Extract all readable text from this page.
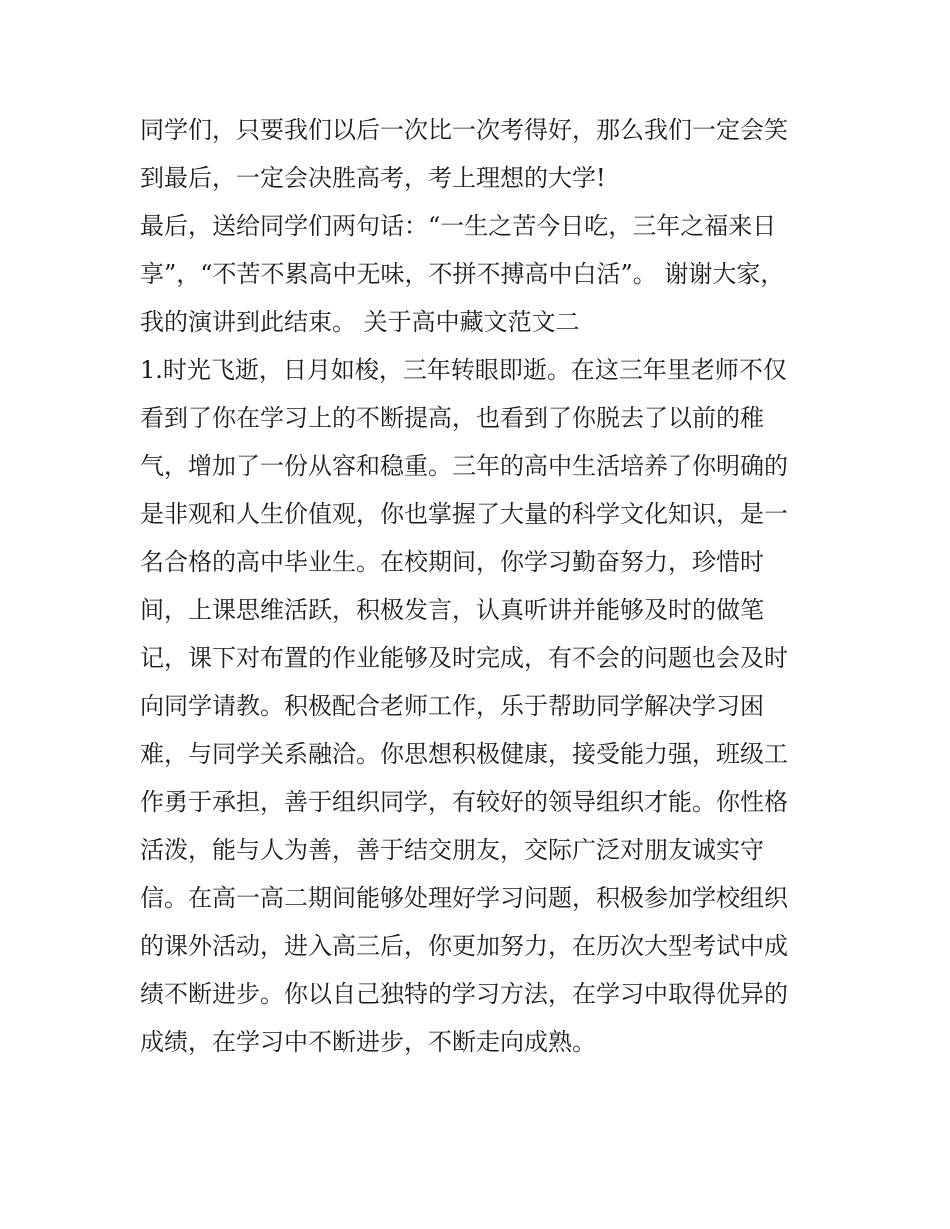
同学们，只要我们以后一次比一次考得好，那么我们一定会笑
到最后，一定会决胜高考，考上理想的大学!
最后，送给同学们两句话：“一生之苦今日吃，三年之福来日
享”，“不苦不累高中无味，不拼不搏高中白活”。 谢谢大家，
我的演讲到此结束。 关于高中藏文范文二
1.时光飞逝，日月如梭，三年转眼即逝。在这三年里老师不仅
看到了你在学习上的不断提高，也看到了你脱去了以前的稚
气，增加了一份从容和稳重。三年的高中生活培养了你明确的
是非观和人生价值观，你也掌握了大量的科学文化知识，是一
名合格的高中毕业生。在校期间，你学习勤奋努力，珍惜时
间，上课思维活跃，积极发言，认真听讲并能够及时的做笔
记，课下对布置的作业能够及时完成，有不会的问题也会及时
向同学请教。积极配合老师工作，乐于帮助同学解决学习困
难，与同学关系融洽。你思想积极健康，接受能力强，班级工
作勇于承担，善于组织同学，有较好的领导组织才能。你性格
活泼，能与人为善，善于结交朋友，交际广泛对朋友诚实守
信。在高一高二期间能够处理好学习问题，积极参加学校组织
的课外活动，进入高三后，你更加努力，在历次大型考试中成
绩不断进步。你以自己独特的学习方法，在学习中取得优异的
成绩，在学习中不断进步，不断走向成熟。
